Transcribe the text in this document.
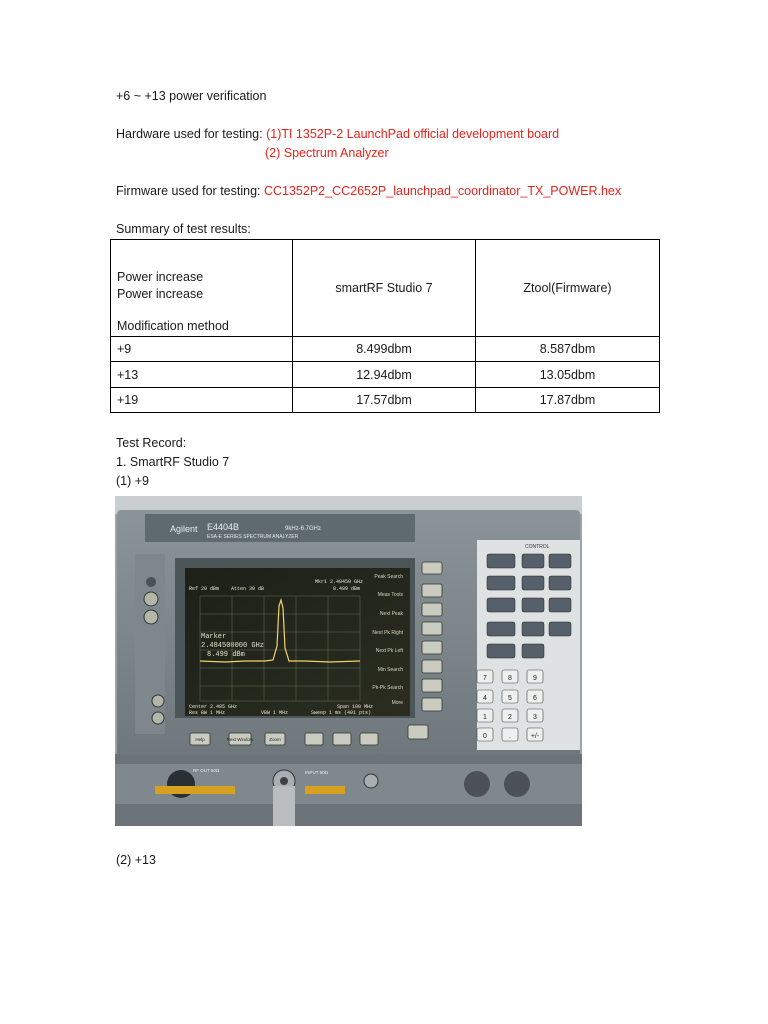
+6 ~ +13 power verification
Hardware used for testing: (1)TI 1352P-2 LaunchPad official development board
(2) Spectrum Analyzer
Firmware used for testing: CC1352P2_CC2652P_launchpad_coordinator_TX_POWER.hex
Summary of test results:
Power increase
Power increase
Modification method	smartRF Studio 7	Ztool(Firmware)
+9	8.499dbm	8.587dbm
+13	12.94dbm	13.05dbm
+19	17.57dbm	17.87dbm
Test Record:
1. SmartRF Studio 7
(1) +9
Agilent E4404B	9kHz-6.7GHz
ESA-E SERIES SPECTRUM ANALYZER
Ref 20 dBm Atten 30 dB
Mkr1 2.48450 GHz
8.499 dBm
Marker
2.484500000 GHz
8.499 dBm
Center 2.485 GHz
Res BW 1 MHz	VBW 1 MHz
Span 100 MHz
Sweep 1 ms (401 pts)
Peak Search
Meas Tools
Next Peak
Next Pk Right
Next Pk Left
Min Search
Pk-Pk Search
More
Help	Next Window	Zoom
CONTROL
7	8	9
4	5	6
1	2	3
0	.	+/-
RF OUT 50Ω	INPUT 50Ω
(2) +13
